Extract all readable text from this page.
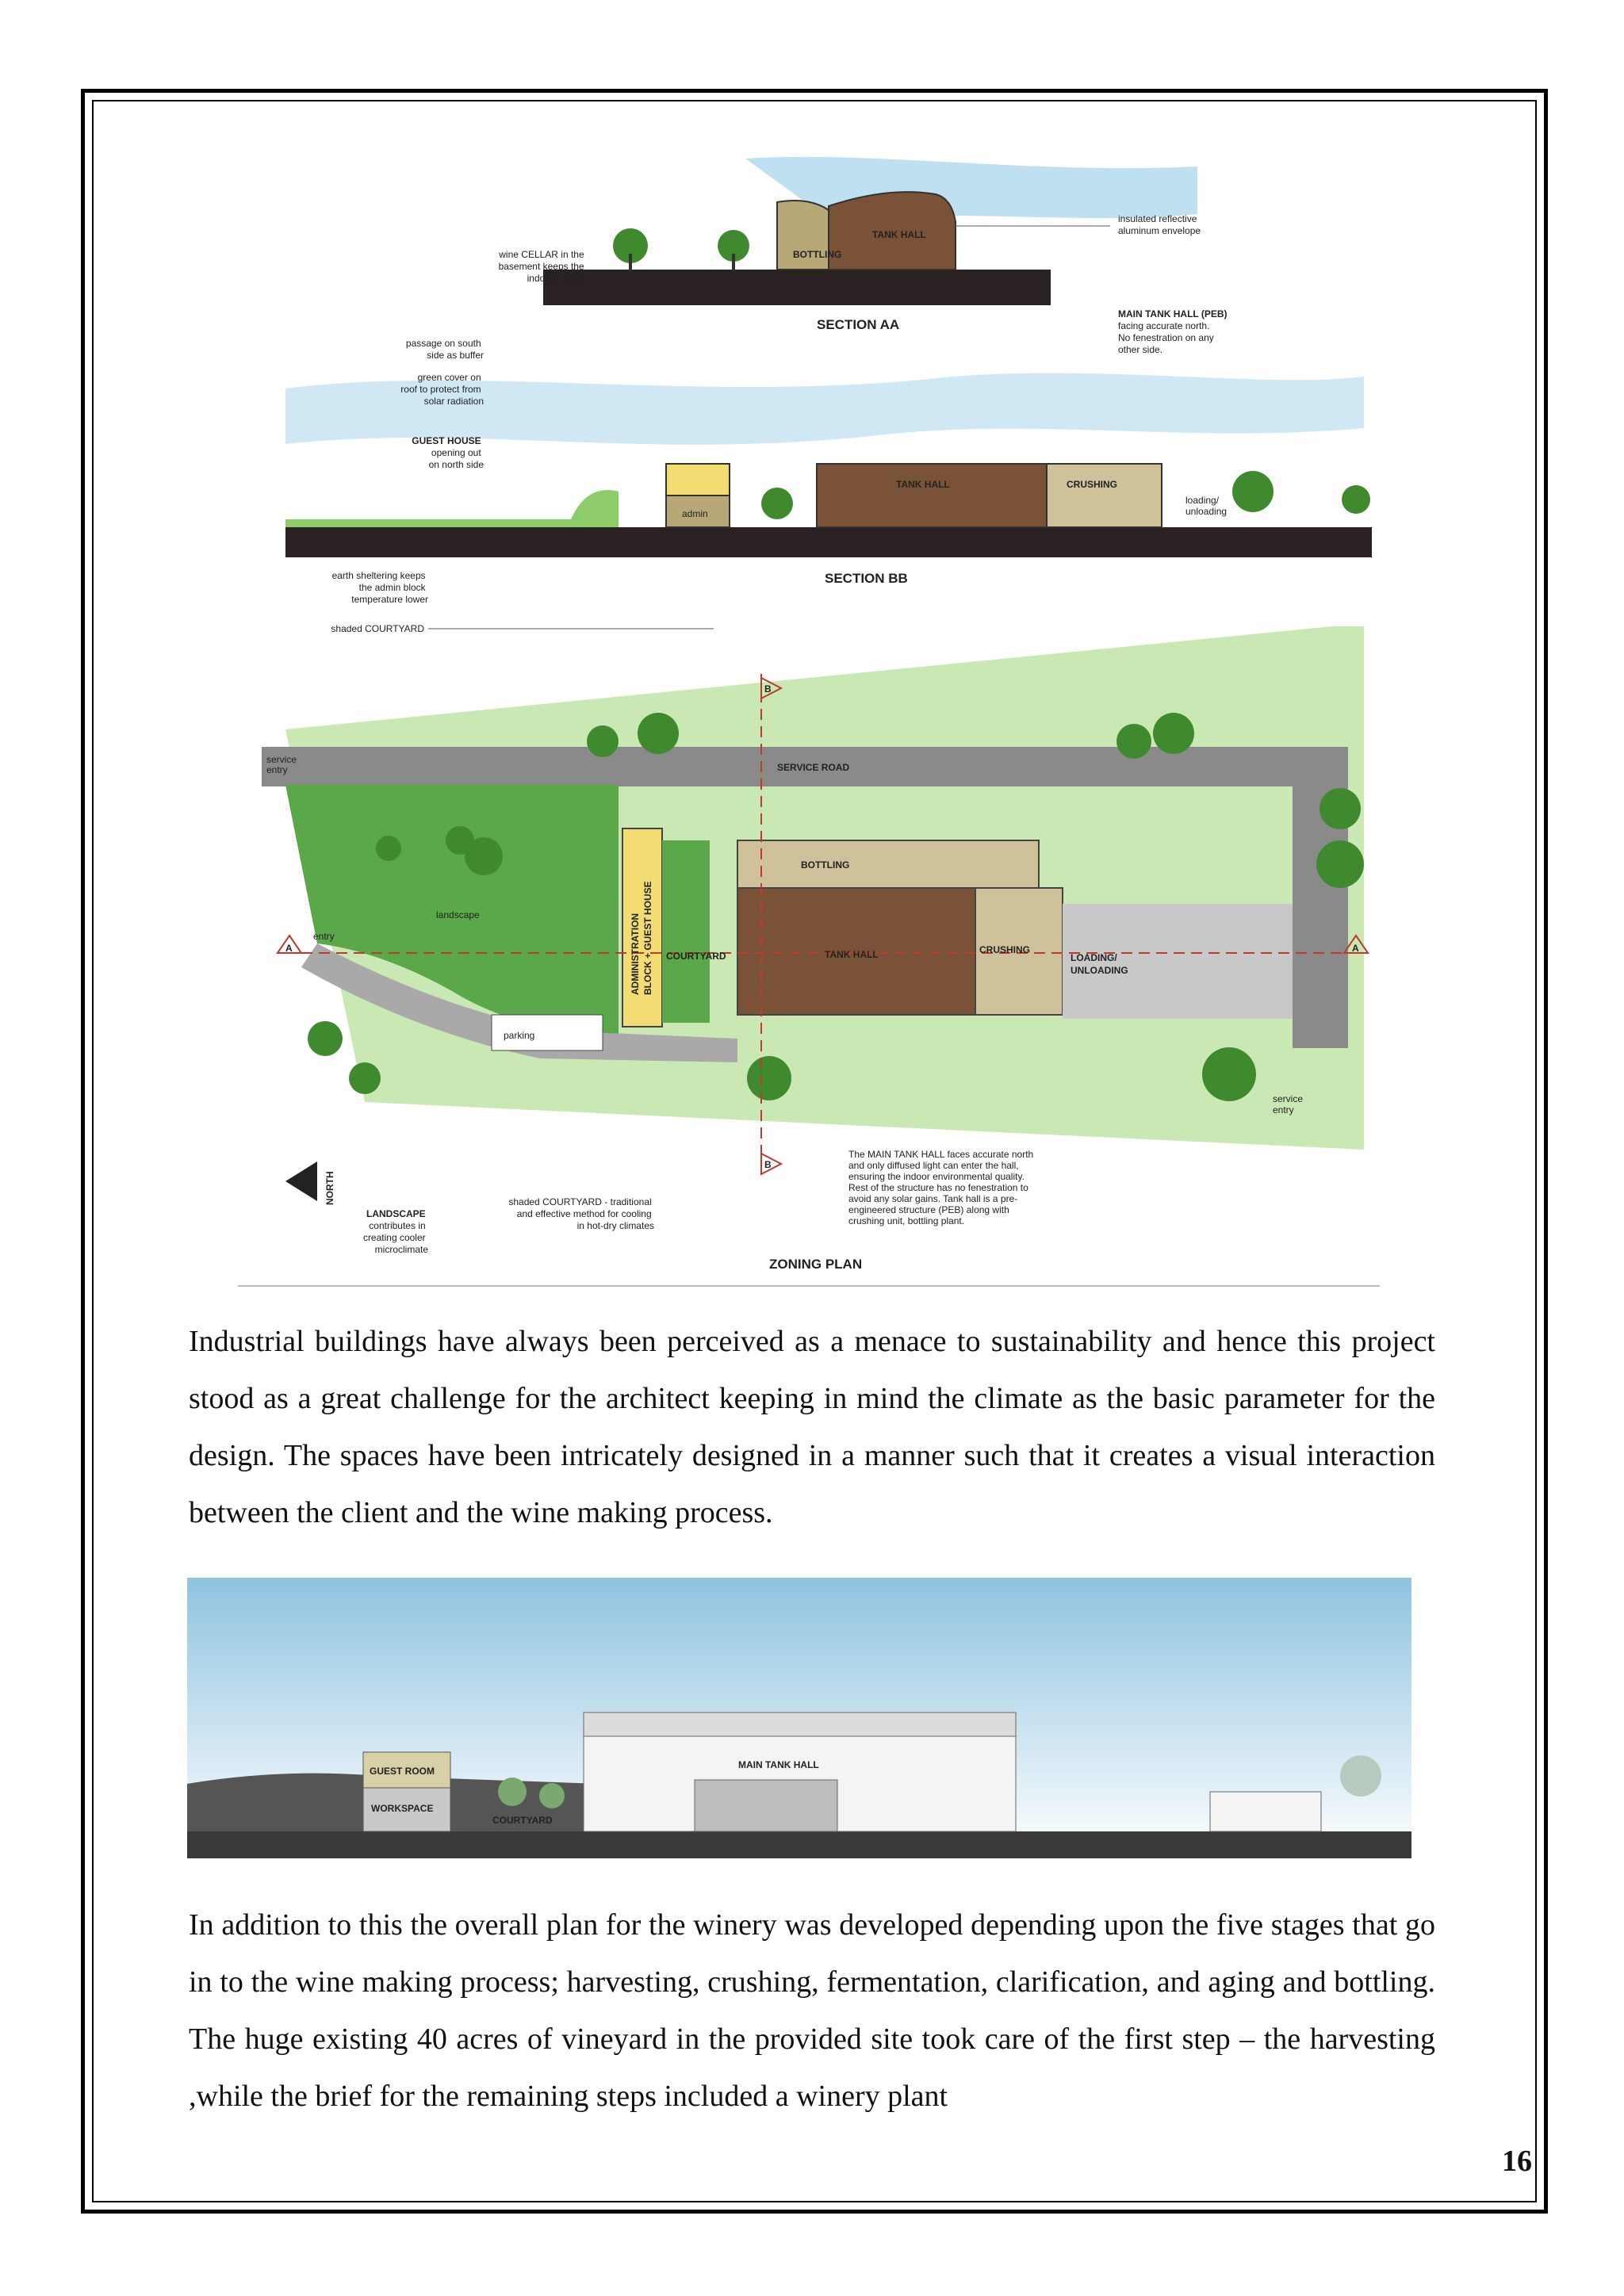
BOTTLING
TANK HALL
wine CELLAR in the basement keeps the indoors cooler
insulated reflective aluminum envelope
SECTION AA
admin
TANK HALL	CRUSHING
passage on south side as buffer
green cover on roof to protect from solar radiation
GUEST HOUSE opening out on north side
MAIN TANK HALL (PEB) facing accurate north. No fenestration on any other side.
loading/ unloading
earth sheltering keeps the admin block temperature lower
shaded COURTYARD
SECTION BB
B
B
A	A
SERVICE ROAD
service entry
service entry
entry
landscape
parking
ADMINISTRATION BLOCK + GUEST HOUSE COURTYARD
BOTTLING
TANK HALL	CRUSHING
LOADING/ UNLOADING
NORTH
LANDSCAPE contributes in creating cooler microclimate
shaded COURTYARD - traditional and effective method for cooling in hot-dry climates
The MAIN TANK HALL faces accurate north and only diffused light can enter the hall, ensuring the indoor environmental quality. Rest of the structure has no fenestration to avoid any solar gains. Tank hall is a pre- engineered structure (PEB) along with crushing unit, bottling plant.
ZONING PLAN

Industrial buildings have always been perceived as a menace to sustainability and hence this project stood as a great challenge for the architect keeping in mind the climate as the basic parameter for the design. The spaces have been intricately designed in a manner such that it creates a visual interaction between the client and the wine making process.

GUEST ROOM
WORKSPACE
COURTYARD
MAIN TANK HALL

In addition to this the overall plan for the winery was developed depending upon the five stages that go in to the wine making process; harvesting, crushing, fermentation, clarification, and aging and bottling. The huge existing 40 acres of vineyard in the provided site took care of the first step – the harvesting ,while the brief for the remaining steps included a winery plant

16
